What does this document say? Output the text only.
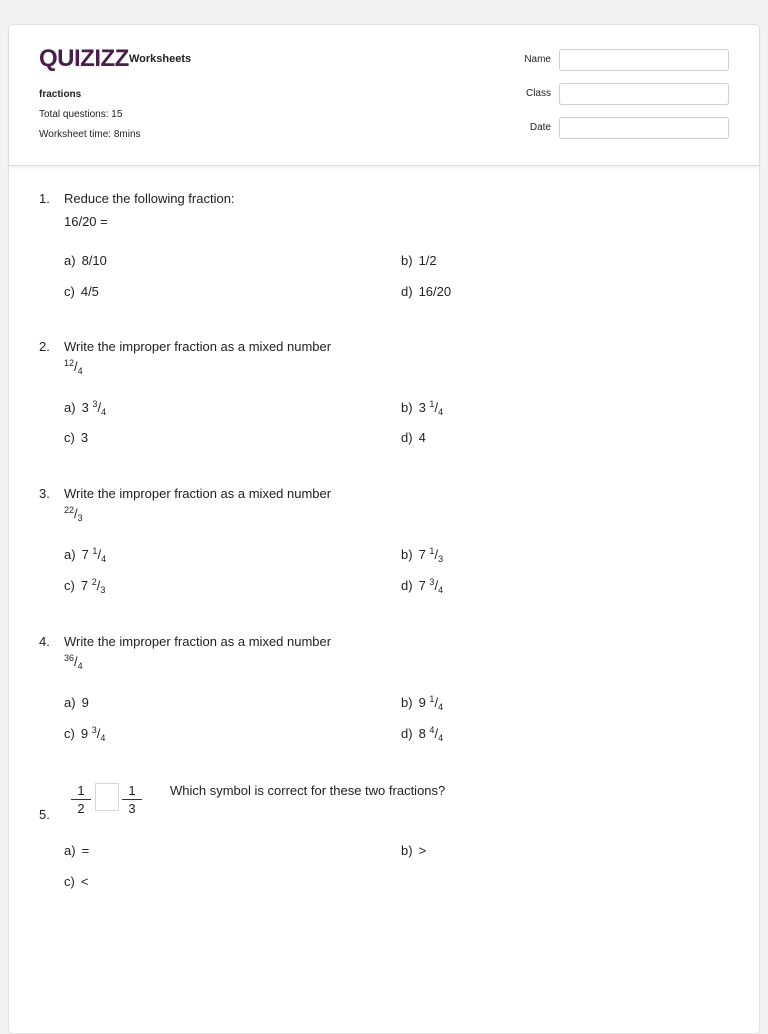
QUIZIZZ Worksheets
fractions
Total questions: 15
Worksheet time: 8mins
Name
Class
Date
1. Reduce the following fraction:
16/20 =
a) 8/10	b) 1/2
c) 4/5	d) 16/20
2. Write the improper fraction as a mixed number
$^{12}/_4$
a) 3 $^3/_4$	b) 3 $^1/_4$
c) 3	d) 4
3. Write the improper fraction as a mixed number
$^{22}/_3$
a) 7 $^1/_4$	b) 7 $^1/_3$
c) 7 $^2/_3$	d) 7 $^3/_4$
4. Write the improper fraction as a mixed number
$^{36}/_4$
a) 9	b) 9 $^1/_4$
c) 9 $^3/_4$	d) 8 $^4/_4$
5. $\frac{1}{2} \frac{1}{3}$ Which symbol is correct for these two fractions?
a) =	b) >
c) <
